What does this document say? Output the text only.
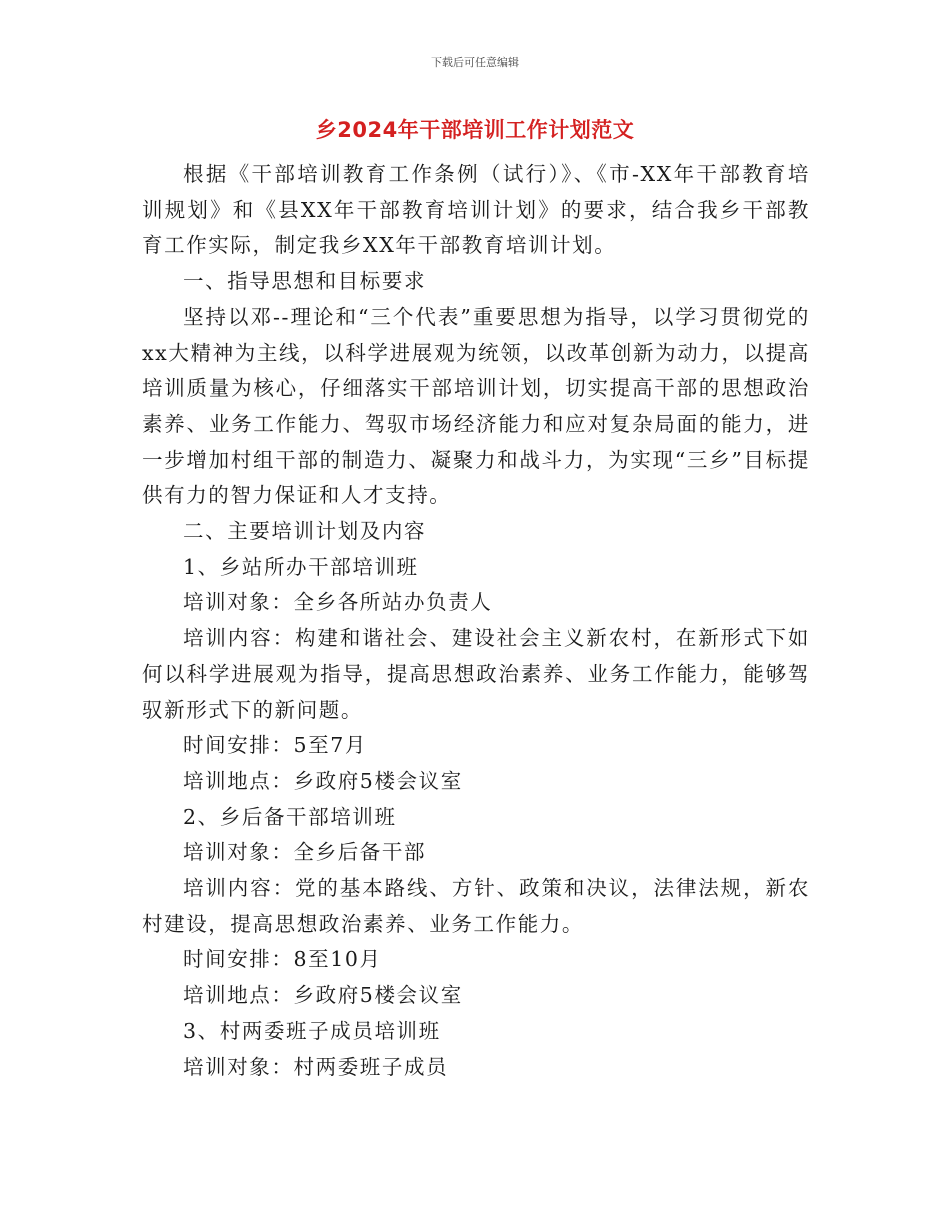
下载后可任意编辑
乡2024年干部培训工作计划范文

根据《干部培训教育工作条例（试行）》、《市-XX年干部教育培训规划》和《县XX年干部教育培训计划》的要求，结合我乡干部教育工作实际，制定我乡XX年干部教育培训计划。

一、指导思想和目标要求

坚持以邓--理论和“三个代表”重要思想为指导，以学习贯彻党的xx大精神为主线，以科学进展观为统领，以改革创新为动力，以提高培训质量为核心，仔细落实干部培训计划，切实提高干部的思想政治素养、业务工作能力、驾驭市场经济能力和应对复杂局面的能力，进一步增加村组干部的制造力、凝聚力和战斗力，为实现“三乡”目标提供有力的智力保证和人才支持。

二、主要培训计划及内容

1、乡站所办干部培训班

培训对象：全乡各所站办负责人

培训内容：构建和谐社会、建设社会主义新农村，在新形式下如何以科学进展观为指导，提高思想政治素养、业务工作能力，能够驾驭新形式下的新问题。

时间安排：5至7月

培训地点：乡政府5楼会议室

2、乡后备干部培训班

培训对象：全乡后备干部

培训内容：党的基本路线、方针、政策和决议，法律法规，新农村建设，提高思想政治素养、业务工作能力。

时间安排：8至10月

培训地点：乡政府5楼会议室

3、村两委班子成员培训班

培训对象：村两委班子成员
